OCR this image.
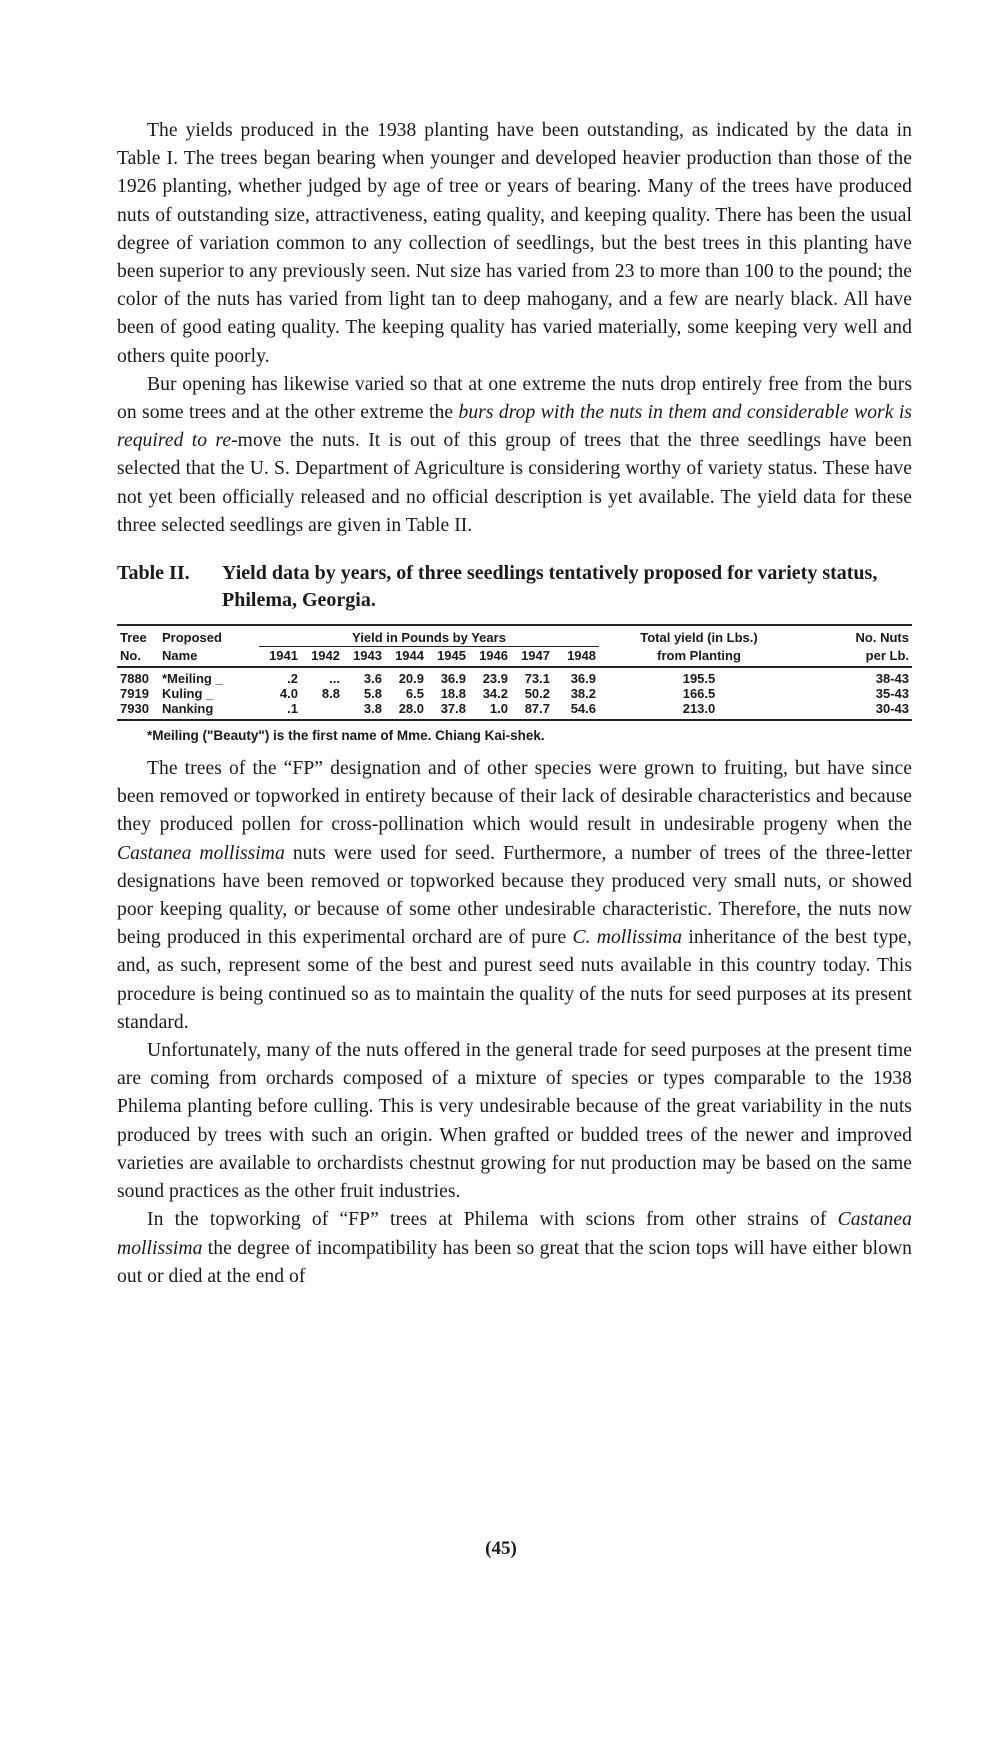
The yields produced in the 1938 planting have been outstanding, as indicated by the data in Table I. The trees began bearing when younger and developed heavier production than those of the 1926 planting, whether judged by age of tree or years of bearing. Many of the trees have produced nuts of outstanding size, attractiveness, eating quality, and keeping quality. There has been the usual degree of variation common to any collection of seedlings, but the best trees in this planting have been superior to any previously seen. Nut size has varied from 23 to more than 100 to the pound; the color of the nuts has varied from light tan to deep mahogany, and a few are nearly black. All have been of good eating quality. The keeping quality has varied materially, some keeping very well and others quite poorly.

Bur opening has likewise varied so that at one extreme the nuts drop entirely free from the burs on some trees and at the other extreme the burs drop with the nuts in them and considerable work is required to re-move the nuts. It is out of this group of trees that the three seedlings have been selected that the U. S. Department of Agriculture is considering worthy of variety status. These have not yet been officially released and no official description is yet available. The yield data for these three selected seedlings are given in Table II.

Table II.	Yield data by years, of three seedlings tentatively proposed for variety status, Philema, Georgia.
Tree	Proposed	Yield in Pounds by Years								Total yield (in Lbs.)	No. Nuts
No.	Name	1941	1942	1943	1944	1945	1946	1947	1948	from Planting	per Lb.
7880	*Meiling _	.2	...	3.6	20.9	36.9	23.9	73.1	36.9	195.5	38-43
7919	Kuling _	4.0	8.8	5.8	6.5	18.8	34.2	50.2	38.2	166.5	35-43
7930	Nanking	.1		3.8	28.0	37.8	1.0	87.7	54.6	213.0	30-43
*Meiling ("Beauty") is the first name of Mme. Chiang Kai-shek.

The trees of the “FP” designation and of other species were grown to fruiting, but have since been removed or topworked in entirety because of their lack of desirable characteristics and because they produced pollen for cross-pollination which would result in undesirable progeny when the Castanea mollissima nuts were used for seed. Furthermore, a number of trees of the three-letter designations have been removed or topworked because they produced very small nuts, or showed poor keeping quality, or because of some other undesirable characteristic. Therefore, the nuts now being produced in this experimental orchard are of pure C. mollissima inheritance of the best type, and, as such, represent some of the best and purest seed nuts available in this country today. This procedure is being continued so as to maintain the quality of the nuts for seed purposes at its present standard.

Unfortunately, many of the nuts offered in the general trade for seed purposes at the present time are coming from orchards composed of a mixture of species or types comparable to the 1938 Philema planting before culling. This is very undesirable because of the great variability in the nuts produced by trees with such an origin. When grafted or budded trees of the newer and improved varieties are available to orchardists chestnut growing for nut production may be based on the same sound practices as the other fruit industries.

In the topworking of “FP” trees at Philema with scions from other strains of Castanea mollissima the degree of incompatibility has been so great that the scion tops will have either blown out or died at the end of

(45)
